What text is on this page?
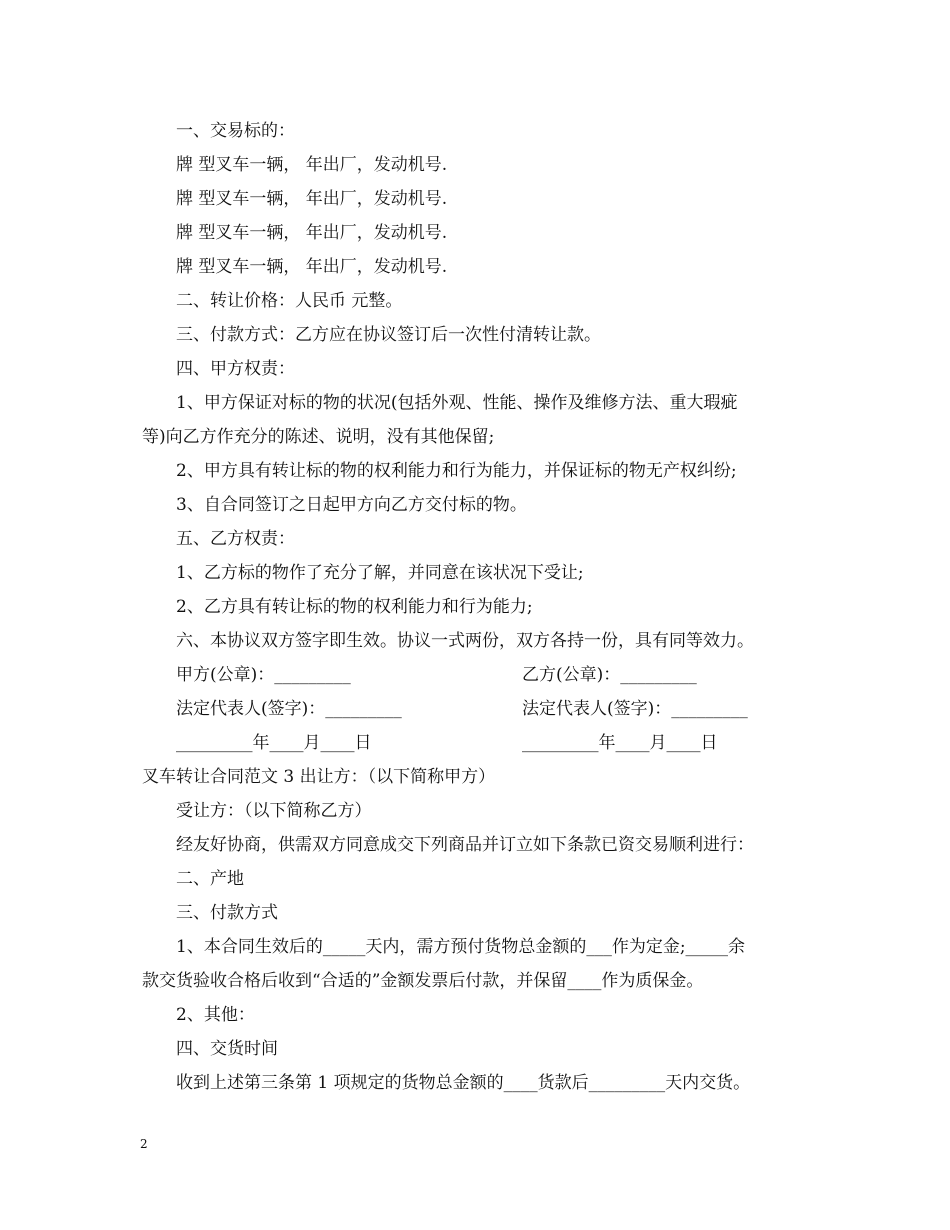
一、交易标的：
牌 型叉车一辆， 年出厂，发动机号.
牌 型叉车一辆， 年出厂，发动机号.
牌 型叉车一辆， 年出厂，发动机号.
牌 型叉车一辆， 年出厂，发动机号.
二、转让价格：人民币 元整。
三、付款方式：乙方应在协议签订后一次性付清转让款。
四、甲方权责：
1、甲方保证对标的物的状况(包括外观、性能、操作及维修方法、重大瑕疵
等)向乙方作充分的陈述、说明，没有其他保留;
2、甲方具有转让标的物的权利能力和行为能力，并保证标的物无产权纠纷;
3、自合同签订之日起甲方向乙方交付标的物。
五、乙方权责：
1、乙方标的物作了充分了解，并同意在该状况下受让;
2、乙方具有转让标的物的权利能力和行为能力;
六、本协议双方签字即生效。协议一式两份，双方各持一份，具有同等效力。
甲方(公章)：_________	乙方(公章)：_________
法定代表人(签字)：_________	法定代表人(签字)：_________
_________年____月____日	_________年____月____日
叉车转让合同范文 3 出让方：（以下简称甲方）
受让方：（以下简称乙方）
经友好协商，供需双方同意成交下列商品并订立如下条款已资交易顺利进行：
二、产地
三、付款方式
1、本合同生效后的_____天内，需方预付货物总金额的___作为定金;_____余
款交货验收合格后收到“合适的”金额发票后付款，并保留____作为质保金。
2、其他：
四、交货时间
收到上述第三条第 1 项规定的货物总金额的____货款后_________天内交货。
2
